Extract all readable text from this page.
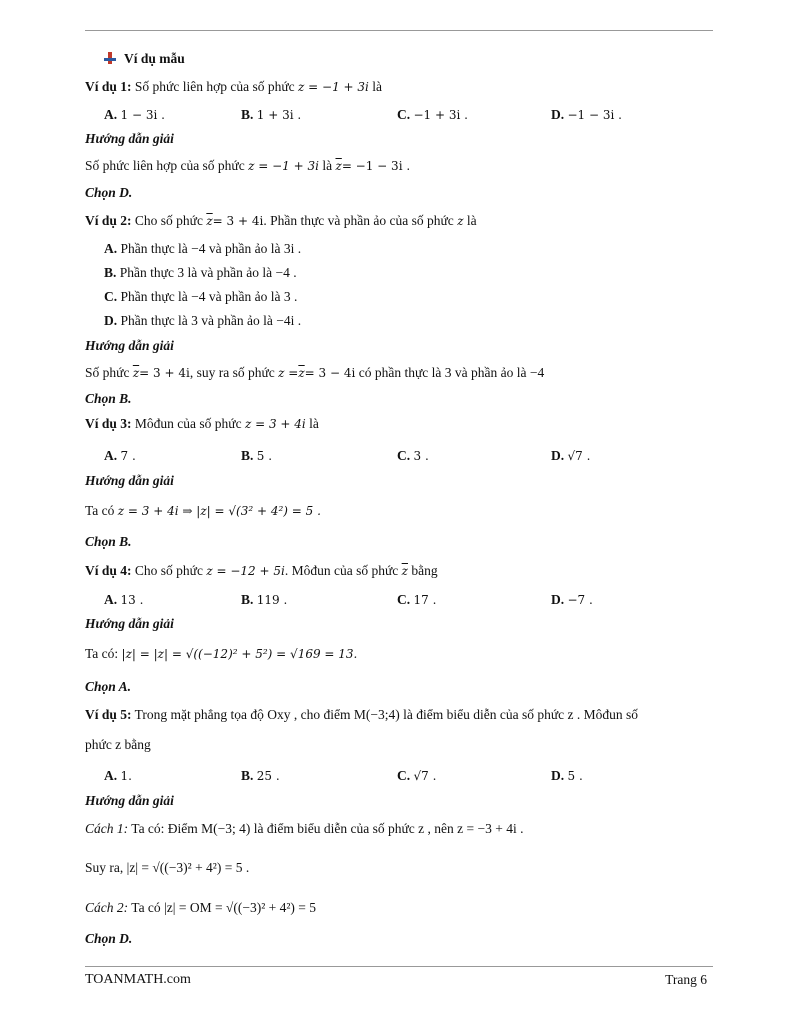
Ví dụ mẫu
Ví dụ 1: Số phức liên hợp của số phức z = −1 + 3i là
A. 1 − 3i .	B. 1 + 3i .	C. −1 + 3i .	D. −1 − 3i .
Hướng dẫn giải
Số phức liên hợp của số phức z = −1 + 3i là $\overline{z}= -1 - 3i$ .
Chọn D.
Ví dụ 2: Cho số phức $\overline{z}= 3 + 4i$. Phần thực và phần ảo của số phức z là
A. Phần thực là −4 và phần ảo là 3i .
B. Phần thực 3 là và phần ảo là −4 .
C. Phần thực là −4 và phần ảo là 3 .
D. Phần thực là 3 và phần ảo là −4i .
Hướng dẫn giải
Số phức $\overline{z}= 3 + 4i$, suy ra số phức $z =\overline{z}= 3 - 4i$ có phần thực là 3 và phần ảo là −4
Chọn B.
Ví dụ 3: Môđun của số phức z = 3 + 4i là
A. 7 .	B. 5 .	C. 3 .	D. √7 .
Hướng dẫn giải
Ta có z = 3 + 4i ⇒ |z| = √(3² + 4²) = 5 .
Chọn B.
Ví dụ 4: Cho số phức z = −12 + 5i. Môđun của số phức $\overline{z}$ bằng
A. 13 .	B. 119 .	C. 17 .	D. −7 .
Hướng dẫn giải
Ta có: |z| = |z| = √((−12)² + 5²) = √169 = 13.
Chọn A.
Ví dụ 5: Trong mặt phẳng tọa độ Oxy , cho điểm M(−3;4) là điểm biểu diễn của số phức z . Môđun số
phức z bằng
A. 1.	B. 25 .	C. √7 .	D. 5 .
Hướng dẫn giải
Cách 1: Ta có: Điểm M(−3; 4) là điểm biểu diễn của số phức z , nên z = −3 + 4i .
Suy ra, |z| = √((−3)² + 4²) = 5 .
Cách 2: Ta có |z| = OM = √((−3)² + 4²) = 5
Chọn D.
TOANMATH.com	Trang 6
